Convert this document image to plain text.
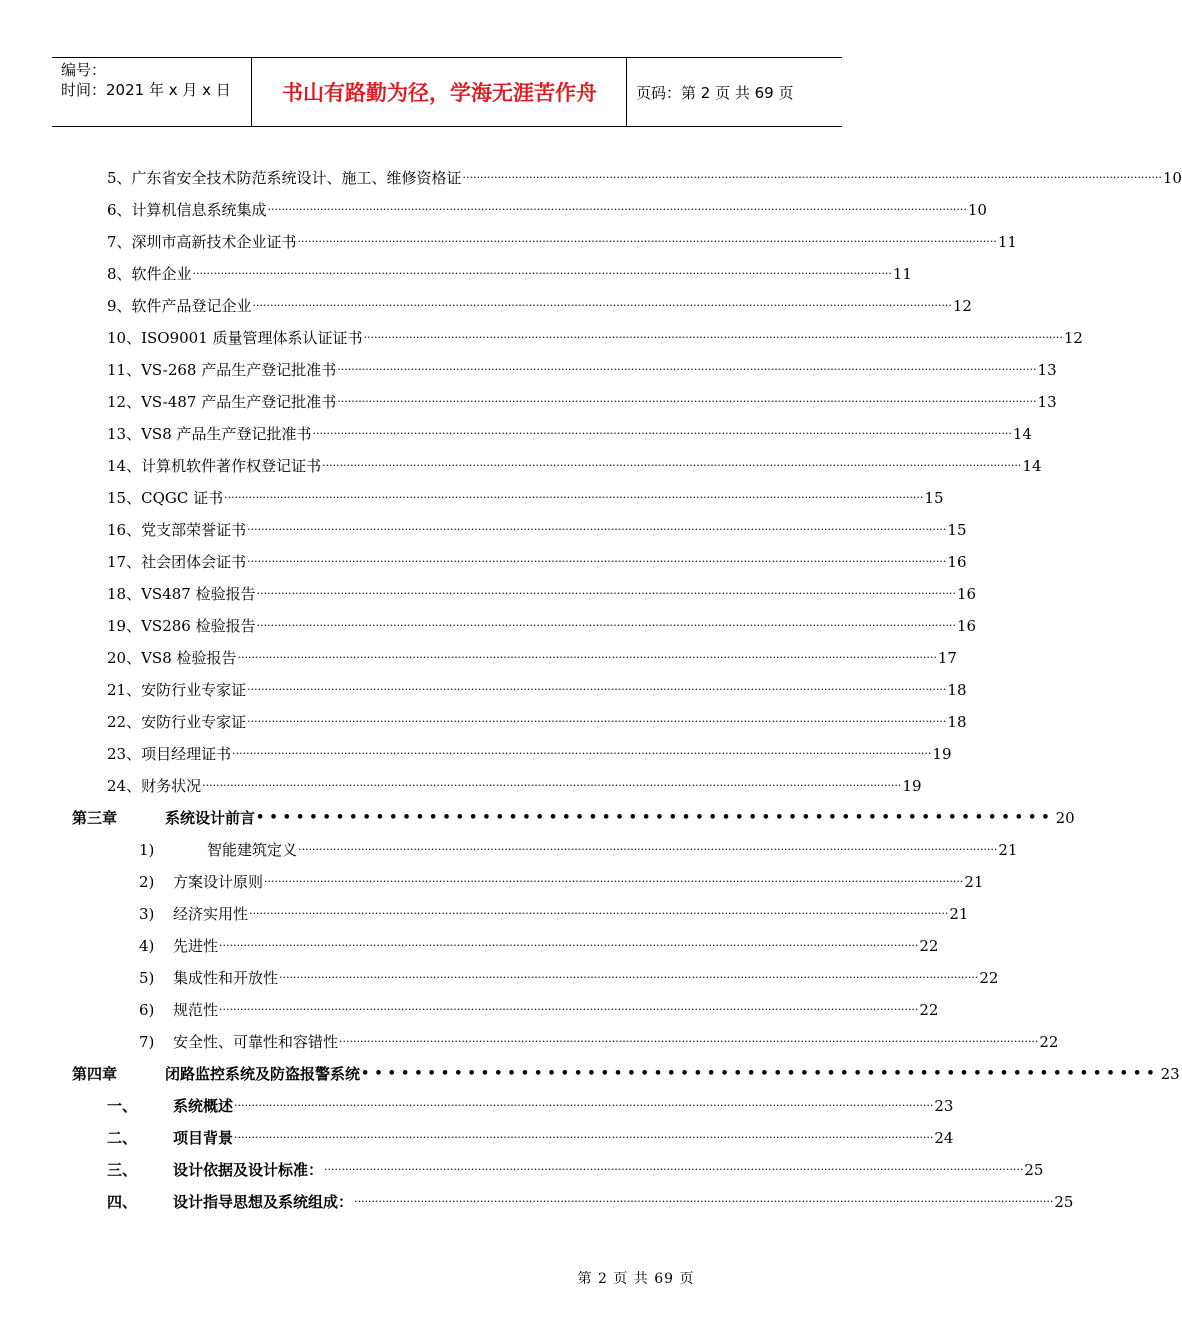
编号：
时间：2021 年 x 月 x 日	书山有路勤为径，学海无涯苦作舟	页码：第 2 页 共 69 页
5、广东省安全技术防范系统设计、施工、维修资格证 ········································································································································································································ 10
6、计算机信息系统集成 ········································································································································································································ 10
7、深圳市高新技术企业证书 ········································································································································································································ 11
8、软件企业 ········································································································································································································ 11
9、软件产品登记企业 ········································································································································································································ 12
10、ISO9001 质量管理体系认证证书 ········································································································································································································ 12
11、VS-268 产品生产登记批准书 ········································································································································································································ 13
12、VS-487 产品生产登记批准书 ········································································································································································································ 13
13、VS8 产品生产登记批准书 ········································································································································································································ 14
14、计算机软件著作权登记证书 ········································································································································································································ 14
15、CQGC 证书 ········································································································································································································ 15
16、党支部荣誉证书 ········································································································································································································ 15
17、社会团体会证书 ········································································································································································································ 16
18、VS487 检验报告 ········································································································································································································ 16
19、VS286 检验报告 ········································································································································································································ 16
20、VS8 检验报告 ········································································································································································································ 17
21、安防行业专家证 ········································································································································································································ 18
22、安防行业专家证 ········································································································································································································ 18
23、项目经理证书 ········································································································································································································ 19
24、财务状况 ········································································································································································································ 19
第三章	系统设计前言 •••••••••••••••••••••••••••••••••••••••••••••••••••••••••••• 20
1)	智能建筑定义 ········································································································································································································ 21
2) 方案设计原则 ········································································································································································································ 21
3) 经济实用性 ········································································································································································································ 21
4) 先进性 ········································································································································································································ 22
5) 集成性和开放性 ········································································································································································································ 22
6) 规范性 ········································································································································································································ 22
7) 安全性、可靠性和容错性 ········································································································································································································ 22
第四章	闭路监控系统及防盗报警系统 •••••••••••••••••••••••••••••••••••••••••••••••••••••••••••• 23
一、 系统概述 ········································································································································································································ 23
二、 项目背景 ········································································································································································································ 24
三、 设计依据及设计标准： ········································································································································································································ 25
四、 设计指导思想及系统组成： ········································································································································································································ 25
第 2 页 共 69 页
